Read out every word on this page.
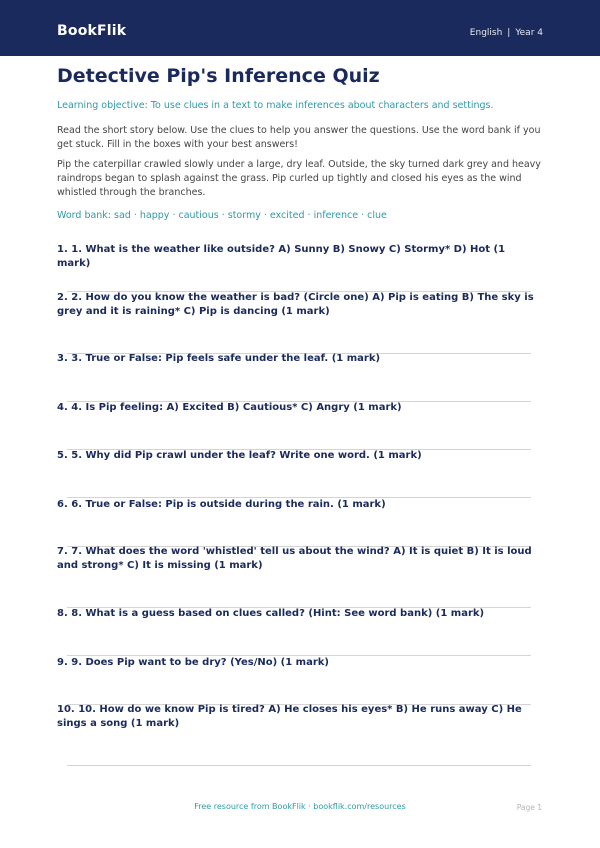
BookFlik	English | Year 4
Detective Pip's Inference Quiz
Learning objective: To use clues in a text to make inferences about characters and settings.
Read the short story below. Use the clues to help you answer the questions. Use the word bank if you get stuck. Fill in the boxes with your best answers!
Pip the caterpillar crawled slowly under a large, dry leaf. Outside, the sky turned dark grey and heavy raindrops began to splash against the grass. Pip curled up tightly and closed his eyes as the wind whistled through the branches.
Word bank: sad · happy · cautious · stormy · excited · inference · clue
1. 1. What is the weather like outside? A) Sunny B) Snowy C) Stormy* D) Hot (1 mark)
2. 2. How do you know the weather is bad? (Circle one) A) Pip is eating B) The sky is grey and it is raining* C) Pip is dancing (1 mark)
3. 3. True or False: Pip feels safe under the leaf. (1 mark)
4. 4. Is Pip feeling: A) Excited B) Cautious* C) Angry (1 mark)
5. 5. Why did Pip crawl under the leaf? Write one word. (1 mark)
6. 6. True or False: Pip is outside during the rain. (1 mark)
7. 7. What does the word 'whistled' tell us about the wind? A) It is quiet B) It is loud and strong* C) It is missing (1 mark)
8. 8. What is a guess based on clues called? (Hint: See word bank) (1 mark)
9. 9. Does Pip want to be dry? (Yes/No) (1 mark)
10. 10. How do we know Pip is tired? A) He closes his eyes* B) He runs away C) He sings a song (1 mark)
Free resource from BookFlik · bookflik.com/resources	Page 1
